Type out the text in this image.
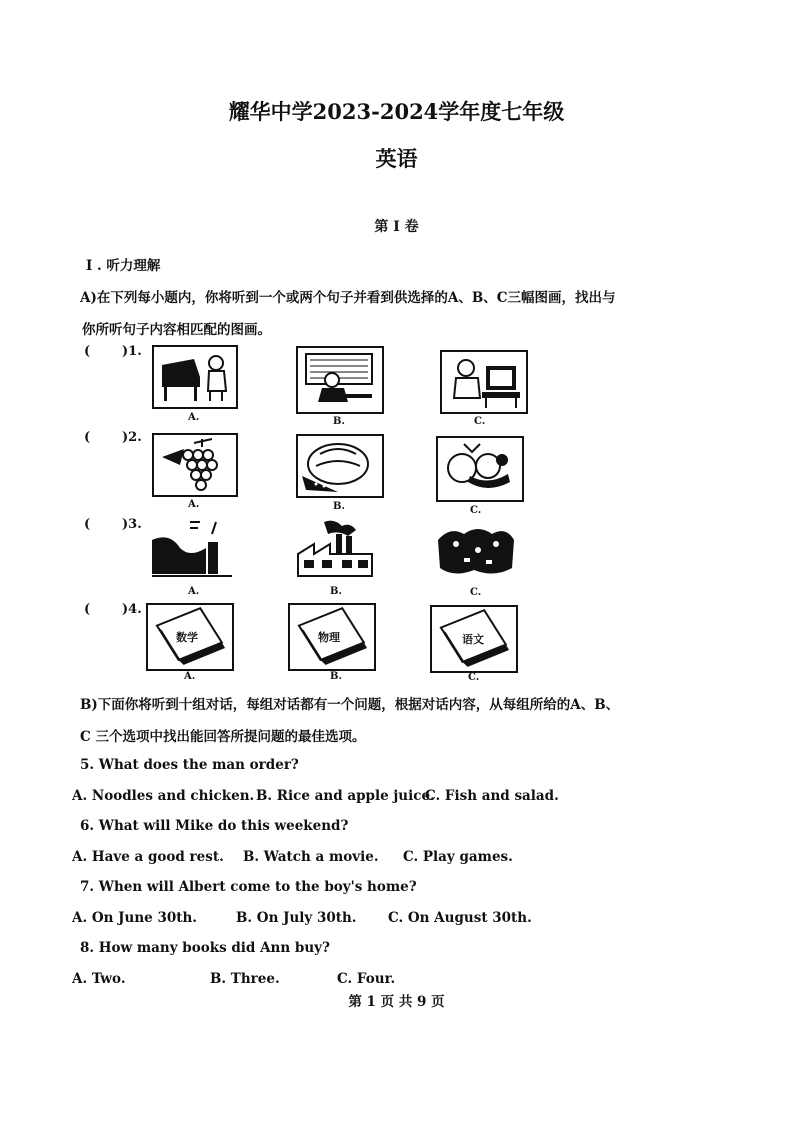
耀华中学2023-2024学年度七年级
英语
第 I 卷
I . 听力理解
A)在下列每小题内，你将听到一个或两个句子并看到供选择的A、B、C三幅图画，找出与
你所听句子内容相匹配的图画。
( )1.
A.	B.	C.
( )2.
A.	B.	C.
( )3.
A.	B.	C.
( )4.
数学
A.
物理
B.
语文
C.
B)下面你将听到十组对话，每组对话都有一个问题，根据对话内容，从每组所给的A、B、
C 三个选项中找出能回答所提问题的最佳选项。
5. What does the man order?
A. Noodles and chicken. B. Rice and apple juice.
C. Fish and salad.
6. What will Mike do this weekend?
A. Have a good rest. B. Watch a movie. C. Play games.
7. When will Albert come to the boy's home?
A. On June 30th.	B. On July 30th. C. On August 30th.
8. How many books did Ann buy?
A. Two.	B. Three.	C. Four.
第 1 页 共 9 页
